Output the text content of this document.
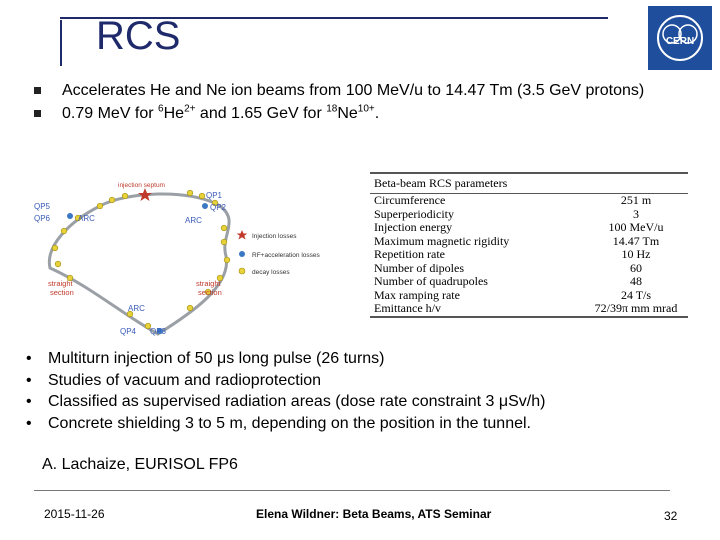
RCS	CERN
Accelerates He and Ne ion beams from 100 MeV/u to 14.47 Tm (3.5 GeV protons)
0.79 MeV for $^6He^{2+}$ and 1.65 GeV for $^{18}Ne^{10+}$.
injection septum
QP1
QP2
QP5
QP6	ARC	ARC
ARC
QP4 QP3
straight
section
straight
section
Injection losses
RF+acceleration losses
decay losses
Beta-beam RCS parameters
Circumference	251 m
Superperiodicity	3
Injection energy	100 MeV/u
Maximum magnetic rigidity	14.47 Tm
Repetition rate	10 Hz
Number of dipoles	60
Number of quadrupoles	48
Max ramping rate	24 T/s
Emittance h/v	72/39π mm mrad
• Multiturn injection of 50 μs long pulse (26 turns)
• Studies of vacuum and radioprotection
• Classified as supervised radiation areas (dose rate constraint 3 μSv/h)
• Concrete shielding 3 to 5 m, depending on the position in the tunnel.
A. Lachaize, EURISOL FP6
2015-11-26	Elena Wildner: Beta Beams, ATS Seminar	32
